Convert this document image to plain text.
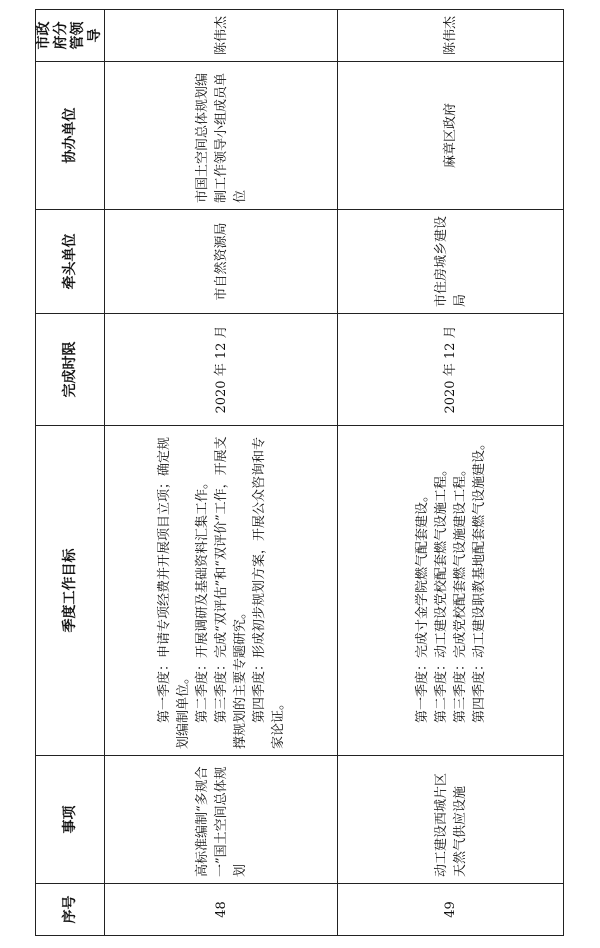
序号	事项	季度工作目标	完成时限	牵头单位	协办单位	市政府分管领导
48	高标准编制“多规合一”国土空间总体规划	第一季度：申请专项经费并开展项目立项；确定规划编制单位。 第二季度：开展调研及基础资料汇集工作。 第三季度：完成“双评估”和“双评价”工作，开展支撑规划的主要专题研究。 第四季度：形成初步规划方案，开展公众咨询和专家论证。	2020 年 12 月	市自然资源局	市国土空间总体规划编制工作领导小组成员单位	陈伟杰
49	动工建设西城片区天然气供应设施	第一季度：完成寸金学院燃气配套建设。 第二季度：动工建设党校配套燃气设施工程。 第三季度：完成党校配套燃气设施建设工程。 第四季度：动工建设职教基地配套燃气设施建设。	2020 年 12 月	市住房城乡建设局	麻章区政府	陈伟杰
